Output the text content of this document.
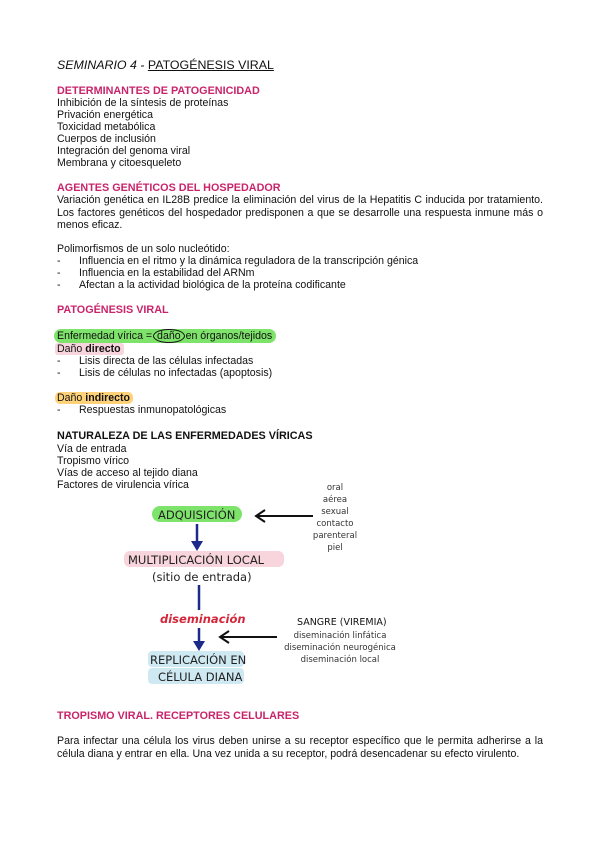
SEMINARIO 4 - PATOGÉNESIS VIRAL
DETERMINANTES DE PATOGENICIDAD
Inhibición de la síntesis de proteínas
Privación energética
Toxicidad metabólica
Cuerpos de inclusión
Integración del genoma viral
Membrana y citoesqueleto
AGENTES GENÉTICOS DEL HOSPEDADOR
Variación genética en IL28B predice la eliminación del virus de la Hepatitis C inducida por tratamiento. Los factores genéticos del hospedador predisponen a que se desarrolle una respuesta inmune más o menos eficaz.
Polimorfismos de un solo nucleótido:
- Influencia en el ritmo y la dinámica reguladora de la transcripción génica
- Influencia en la estabilidad del ARNm
- Afectan a la actividad biológica de la proteína codificante
PATOGÉNESIS VIRAL
Enfermedad vírica = daño en órganos/tejidos
Daño directo
- Lisis directa de las células infectadas
- Lisis de células no infectadas (apoptosis)
Daño indirecto
- Respuestas inmunopatológicas
NATURALEZA DE LAS ENFERMEDADES VÍRICAS
Vía de entrada
Tropismo vírico
Vías de acceso al tejido diana
Factores de virulencia vírica
ADQUISICIÓN
oral
aérea
sexual
contacto
parenteral
piel
MULTIPLICACIÓN LOCAL
(sitio de entrada)
diseminación	SANGRE (VIREMIA)
diseminación linfática
diseminación neurogénica
diseminación local
REPLICACIÓN EN
CÉLULA DIANA
TROPISMO VIRAL. RECEPTORES CELULARES
Para infectar una célula los virus deben unirse a su receptor específico que le permita adherirse a la célula diana y entrar en ella. Una vez unida a su receptor, podrá desencadenar su efecto virulento.
